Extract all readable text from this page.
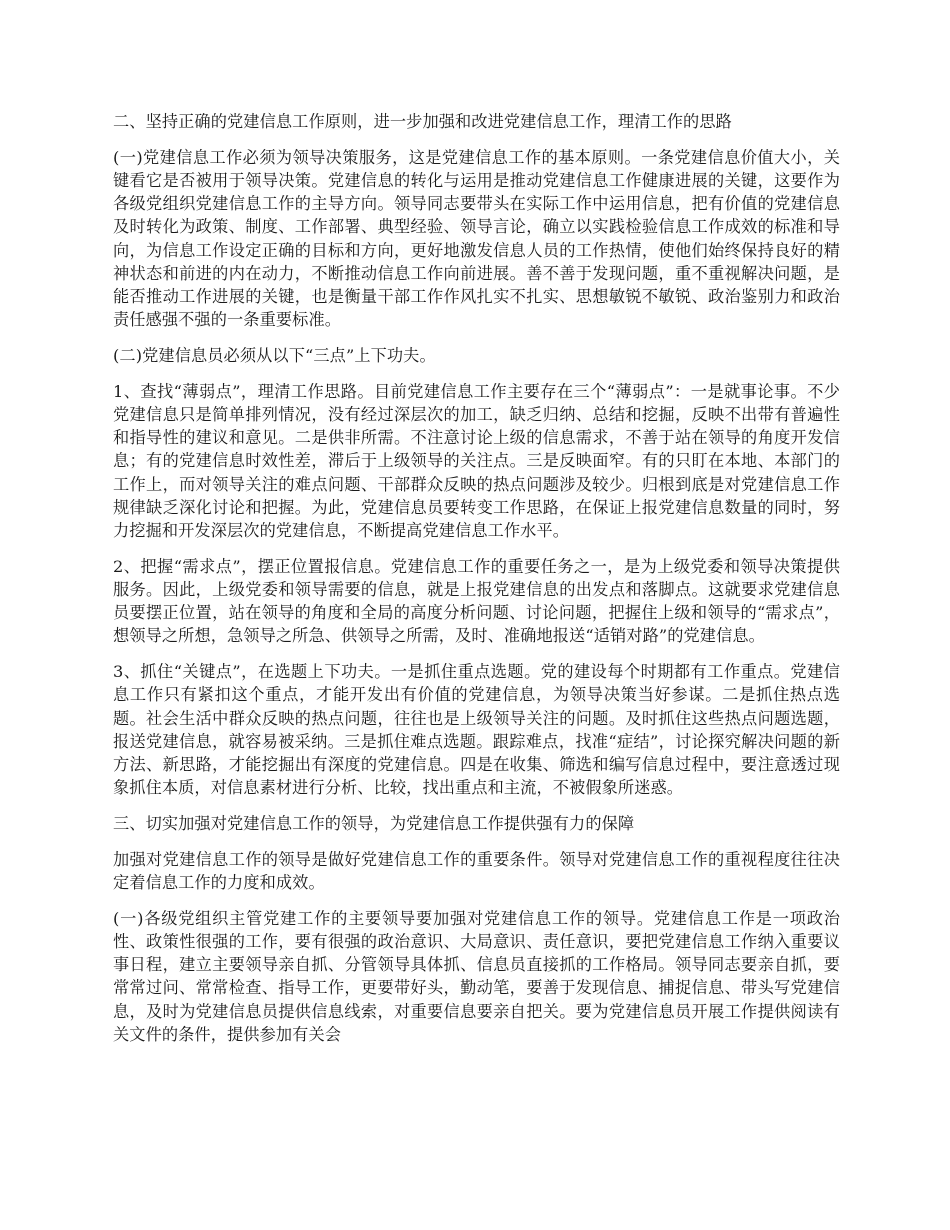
二、坚持正确的党建信息工作原则，进一步加强和改进党建信息工作，理清工作的思路

(一)党建信息工作必须为领导决策服务，这是党建信息工作的基本原则。一条党建信息价值大小，关键看它是否被用于领导决策。党建信息的转化与运用是推动党建信息工作健康进展的关键，这要作为各级党组织党建信息工作的主导方向。领导同志要带头在实际工作中运用信息，把有价值的党建信息及时转化为政策、制度、工作部署、典型经验、领导言论，确立以实践检验信息工作成效的标准和导向，为信息工作设定正确的目标和方向，更好地激发信息人员的工作热情，使他们始终保持良好的精神状态和前进的内在动力，不断推动信息工作向前进展。善不善于发现问题，重不重视解决问题，是能否推动工作进展的关键，也是衡量干部工作作风扎实不扎实、思想敏锐不敏锐、政治鉴别力和政治责任感强不强的一条重要标准。

(二)党建信息员必须从以下“三点”上下功夫。

1、查找“薄弱点”，理清工作思路。目前党建信息工作主要存在三个“薄弱点”：一是就事论事。不少党建信息只是简单排列情况，没有经过深层次的加工，缺乏归纳、总结和挖掘，反映不出带有普遍性和指导性的建议和意见。二是供非所需。不注意讨论上级的信息需求，不善于站在领导的角度开发信息；有的党建信息时效性差，滞后于上级领导的关注点。三是反映面窄。有的只盯在本地、本部门的工作上，而对领导关注的难点问题、干部群众反映的热点问题涉及较少。归根到底是对党建信息工作规律缺乏深化讨论和把握。为此，党建信息员要转变工作思路，在保证上报党建信息数量的同时，努力挖掘和开发深层次的党建信息，不断提高党建信息工作水平。

2、把握“需求点”，摆正位置报信息。党建信息工作的重要任务之一，是为上级党委和领导决策提供服务。因此，上级党委和领导需要的信息，就是上报党建信息的出发点和落脚点。这就要求党建信息员要摆正位置，站在领导的角度和全局的高度分析问题、讨论问题，把握住上级和领导的“需求点”，想领导之所想，急领导之所急、供领导之所需，及时、准确地报送“适销对路”的党建信息。

3、抓住“关键点”，在选题上下功夫。一是抓住重点选题。党的建设每个时期都有工作重点。党建信息工作只有紧扣这个重点，才能开发出有价值的党建信息，为领导决策当好参谋。二是抓住热点选题。社会生活中群众反映的热点问题，往往也是上级领导关注的问题。及时抓住这些热点问题选题，报送党建信息，就容易被采纳。三是抓住难点选题。跟踪难点，找准“症结”，讨论探究解决问题的新方法、新思路，才能挖掘出有深度的党建信息。四是在收集、筛选和编写信息过程中，要注意透过现象抓住本质，对信息素材进行分析、比较，找出重点和主流，不被假象所迷惑。

三、切实加强对党建信息工作的领导，为党建信息工作提供强有力的保障

加强对党建信息工作的领导是做好党建信息工作的重要条件。领导对党建信息工作的重视程度往往决定着信息工作的力度和成效。

(一)各级党组织主管党建工作的主要领导要加强对党建信息工作的领导。党建信息工作是一项政治性、政策性很强的工作，要有很强的政治意识、大局意识、责任意识，要把党建信息工作纳入重要议事日程，建立主要领导亲自抓、分管领导具体抓、信息员直接抓的工作格局。领导同志要亲自抓，要常常过问、常常检查、指导工作，更要带好头，勤动笔，要善于发现信息、捕捉信息、带头写党建信息，及时为党建信息员提供信息线索，对重要信息要亲自把关。要为党建信息员开展工作提供阅读有关文件的条件，提供参加有关会
